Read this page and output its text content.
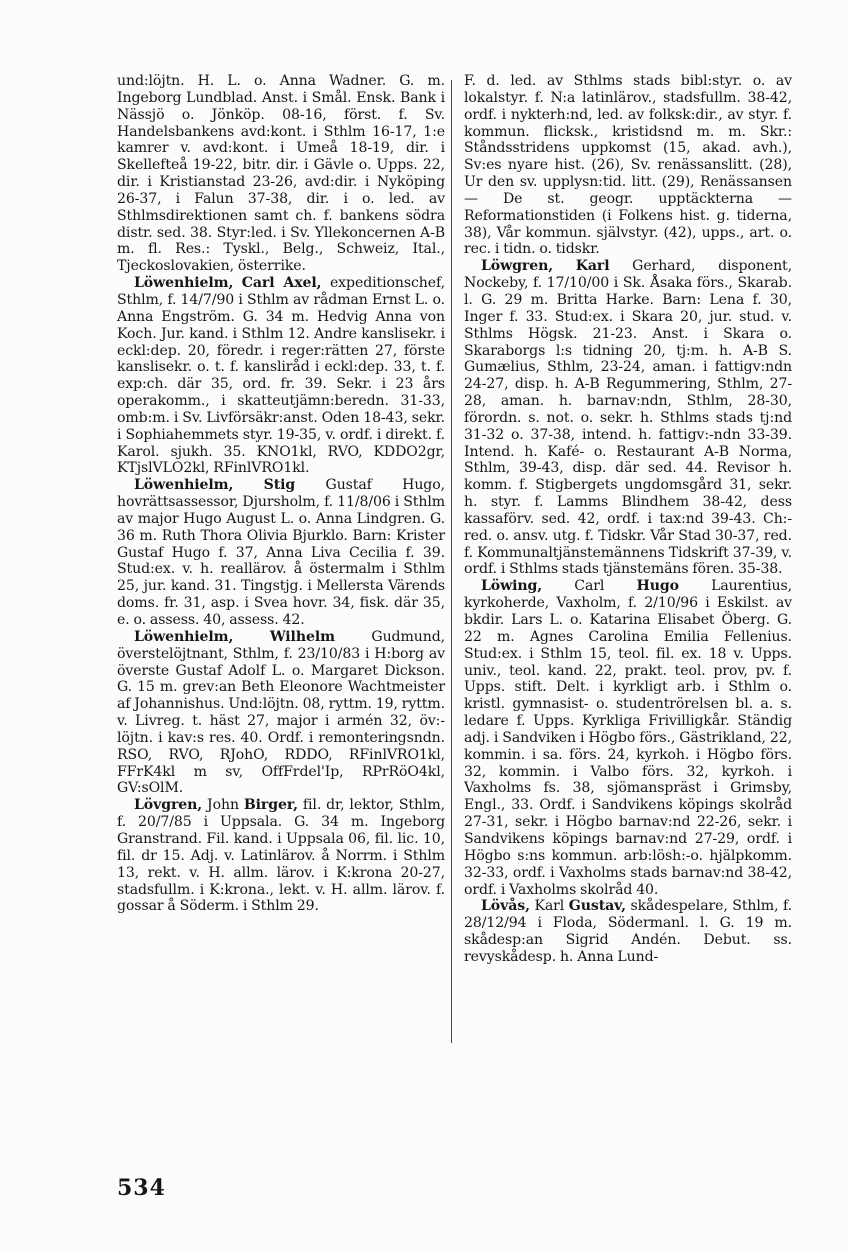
und:löjtn. H. L. o. Anna Wadner. G. m. Ingeborg Lundblad. Anst. i Smål. Ensk. Bank i Nässjö o. Jönköp. 08-16, först. f. Sv. Handelsbankens avd:kont. i Sthlm 16-17, 1:e kamrer v. avd:kont. i Umeå 18-19, dir. i Skellefteå 19-22, bitr. dir. i Gävle o. Upps. 22, dir. i Kristianstad 23-26, avd:dir. i Nyköping 26-37, i Falun 37-38, dir. i o. led. av Sthlmsdirektionen samt ch. f. bankens södra distr. sed. 38. Styr:led. i Sv. Yllekoncernen A-B m. fl. Res.: Tyskl., Belg., Schweiz, Ital., Tjeckoslovakien, österrike.

Löwenhielm, Carl Axel, expeditionschef, Sthlm, f. 14/7/90 i Sthlm av rådman Ernst L. o. Anna Engström. G. 34 m. Hedvig Anna von Koch. Jur. kand. i Sthlm 12. Andre kanslisekr. i eckl:dep. 20, föredr. i reger:rätten 27, förste kanslisekr. o. t. f. kansliråd i eckl:dep. 33, t. f. exp:ch. där 35, ord. fr. 39. Sekr. i 23 års operakomm., i skatteutjämn:beredn. 31-33, omb:m. i Sv. Livförsäkr:anst. Oden 18-43, sekr. i Sophiahemmets styr. 19-35, v. ordf. i direkt. f. Karol. sjukh. 35. KNO1kl, RVO, KDDO2gr, KTjslVLO2kl, RFinlVRO1kl.

Löwenhielm, Stig Gustaf Hugo, hovrättsassessor, Djursholm, f. 11/8/06 i Sthlm av major Hugo August L. o. Anna Lindgren. G. 36 m. Ruth Thora Olivia Bjurklo. Barn: Krister Gustaf Hugo f. 37, Anna Liva Cecilia f. 39. Stud:ex. v. h. reallärov. å östermalm i Sthlm 25, jur. kand. 31. Tingstjg. i Mellersta Värends doms. fr. 31, asp. i Svea hovr. 34, fisk. där 35, e. o. assess. 40, assess. 42.

Löwenhielm,	Wilhelm	Gudmund, överstelöjtnant, Sthlm, f. 23/10/83 i H:borg av överste Gustaf Adolf L. o. Margaret Dickson. G. 15 m. grev:an Beth Eleonore Wachtmeister af Johannishus. Und:löjtn. 08, ryttm. 19, ryttm. v. Livreg. t. häst 27, major i armén 32, öv:-löjtn. i kav:s res. 40. Ordf. i remonteringsndn. RSO, RVO, RJohO, RDDO, RFinlVRO1kl, FFrK4kl m sv, OffFrdel'Ip, RPrRöO4kl, GV:sOlM.

Lövgren, John Birger, fil. dr, lektor, Sthlm, f. 20/7/85 i Uppsala. G. 34 m. Ingeborg Granstrand. Fil. kand. i Uppsala 06, fil. lic. 10, fil. dr 15. Adj. v. Latinlärov. å Norrm. i Sthlm 13, rekt. v. H. allm. lärov. i K:krona 20-27, stadsfullm. i K:krona., lekt. v. H. allm. lärov. f. gossar å Söderm. i Sthlm 29.

F. d. led. av Sthlms stads bibl:styr. o. av lokalstyr. f. N:a latinlärov., stadsfullm. 38-42, ordf. i nykterh:nd, led. av folksk:dir., av styr. f. kommun. flicksk., kristidsnd m. m. Skr.: Ståndsstridens uppkomst (15, akad. avh.), Sv:es nyare hist. (26), Sv. renässanslitt. (28), Ur den sv. upplysn:tid. litt. (29), Renässansen — De st. geogr. upptäckterna — Reformationstiden (i Folkens hist. g. tiderna, 38), Vår kommun. självstyr. (42), upps., art. o. rec. i tidn. o. tidskr.

Löwgren, Karl Gerhard, disponent, Nockeby, f. 17/10/00 i Sk. Åsaka förs., Skarab. l. G. 29 m. Britta Harke. Barn: Lena f. 30, Inger f. 33. Stud:ex. i Skara 20, jur. stud. v. Sthlms Högsk. 21-23. Anst. i Skara o. Skaraborgs l:s tidning 20, tj:m. h. A-B S. Gumælius, Sthlm, 23-24, aman. i fattigv:ndn 24-27, disp. h. A-B Regummering, Sthlm, 27-28, aman. h. barnav:ndn, Sthlm, 28-30, förordn. s. not. o. sekr. h. Sthlms stads tj:nd 31-32 o. 37-38, intend. h. fattigv:-ndn 33-39. Intend. h. Kafé- o. Restaurant A-B Norma, Sthlm, 39-43, disp. där sed. 44. Revisor h. komm. f. Stigbergets ungdomsgård 31, sekr. h. styr. f. Lamms Blindhem 38-42, dess kassaförv. sed. 42, ordf. i tax:nd 39-43. Ch:-red. o. ansv. utg. f. Tidskr. Vår Stad 30-37, red. f. Kommunaltjänstemännens Tidskrift 37-39, v. ordf. i Sthlms stads tjänstemäns fören. 35-38.

Löwing, Carl Hugo Laurentius, kyrkoherde, Vaxholm, f. 2/10/96 i Eskilst. av bkdir. Lars L. o. Katarina Elisabet Öberg. G. 22 m. Agnes Carolina Emilia Fellenius. Stud:ex. i Sthlm 15, teol. fil. ex. 18 v. Upps. univ., teol. kand. 22, prakt. teol. prov, pv. f. Upps. stift. Delt. i kyrkligt arb. i Sthlm o. kristl. gymnasist- o. studentrörelsen bl. a. s. ledare f. Upps. Kyrkliga Frivilligkår. Ständig adj. i Sandviken i Högbo förs., Gästrikland, 22, kommin. i sa. förs. 24, kyrkoh. i Högbo förs. 32, kommin. i Valbo förs. 32, kyrkoh. i Vaxholms fs. 38, sjömanspräst i Grimsby, Engl., 33. Ordf. i Sandvikens köpings skolråd 27-31, sekr. i Högbo barnav:nd 22-26, sekr. i Sandvikens köpings barnav:nd 27-29, ordf. i Högbo s:ns kommun. arb:lösh:-o. hjälpkomm. 32-33, ordf. i Vaxholms stads barnav:nd 38-42, ordf. i Vaxholms skolråd 40.

Lövås, Karl Gustav, skådespelare, Sthlm, f. 28/12/94 i Floda, Södermanl. l. G. 19 m. skådesp:an Sigrid Andén. Debut. ss. revyskådesp. h. Anna Lund-

534
